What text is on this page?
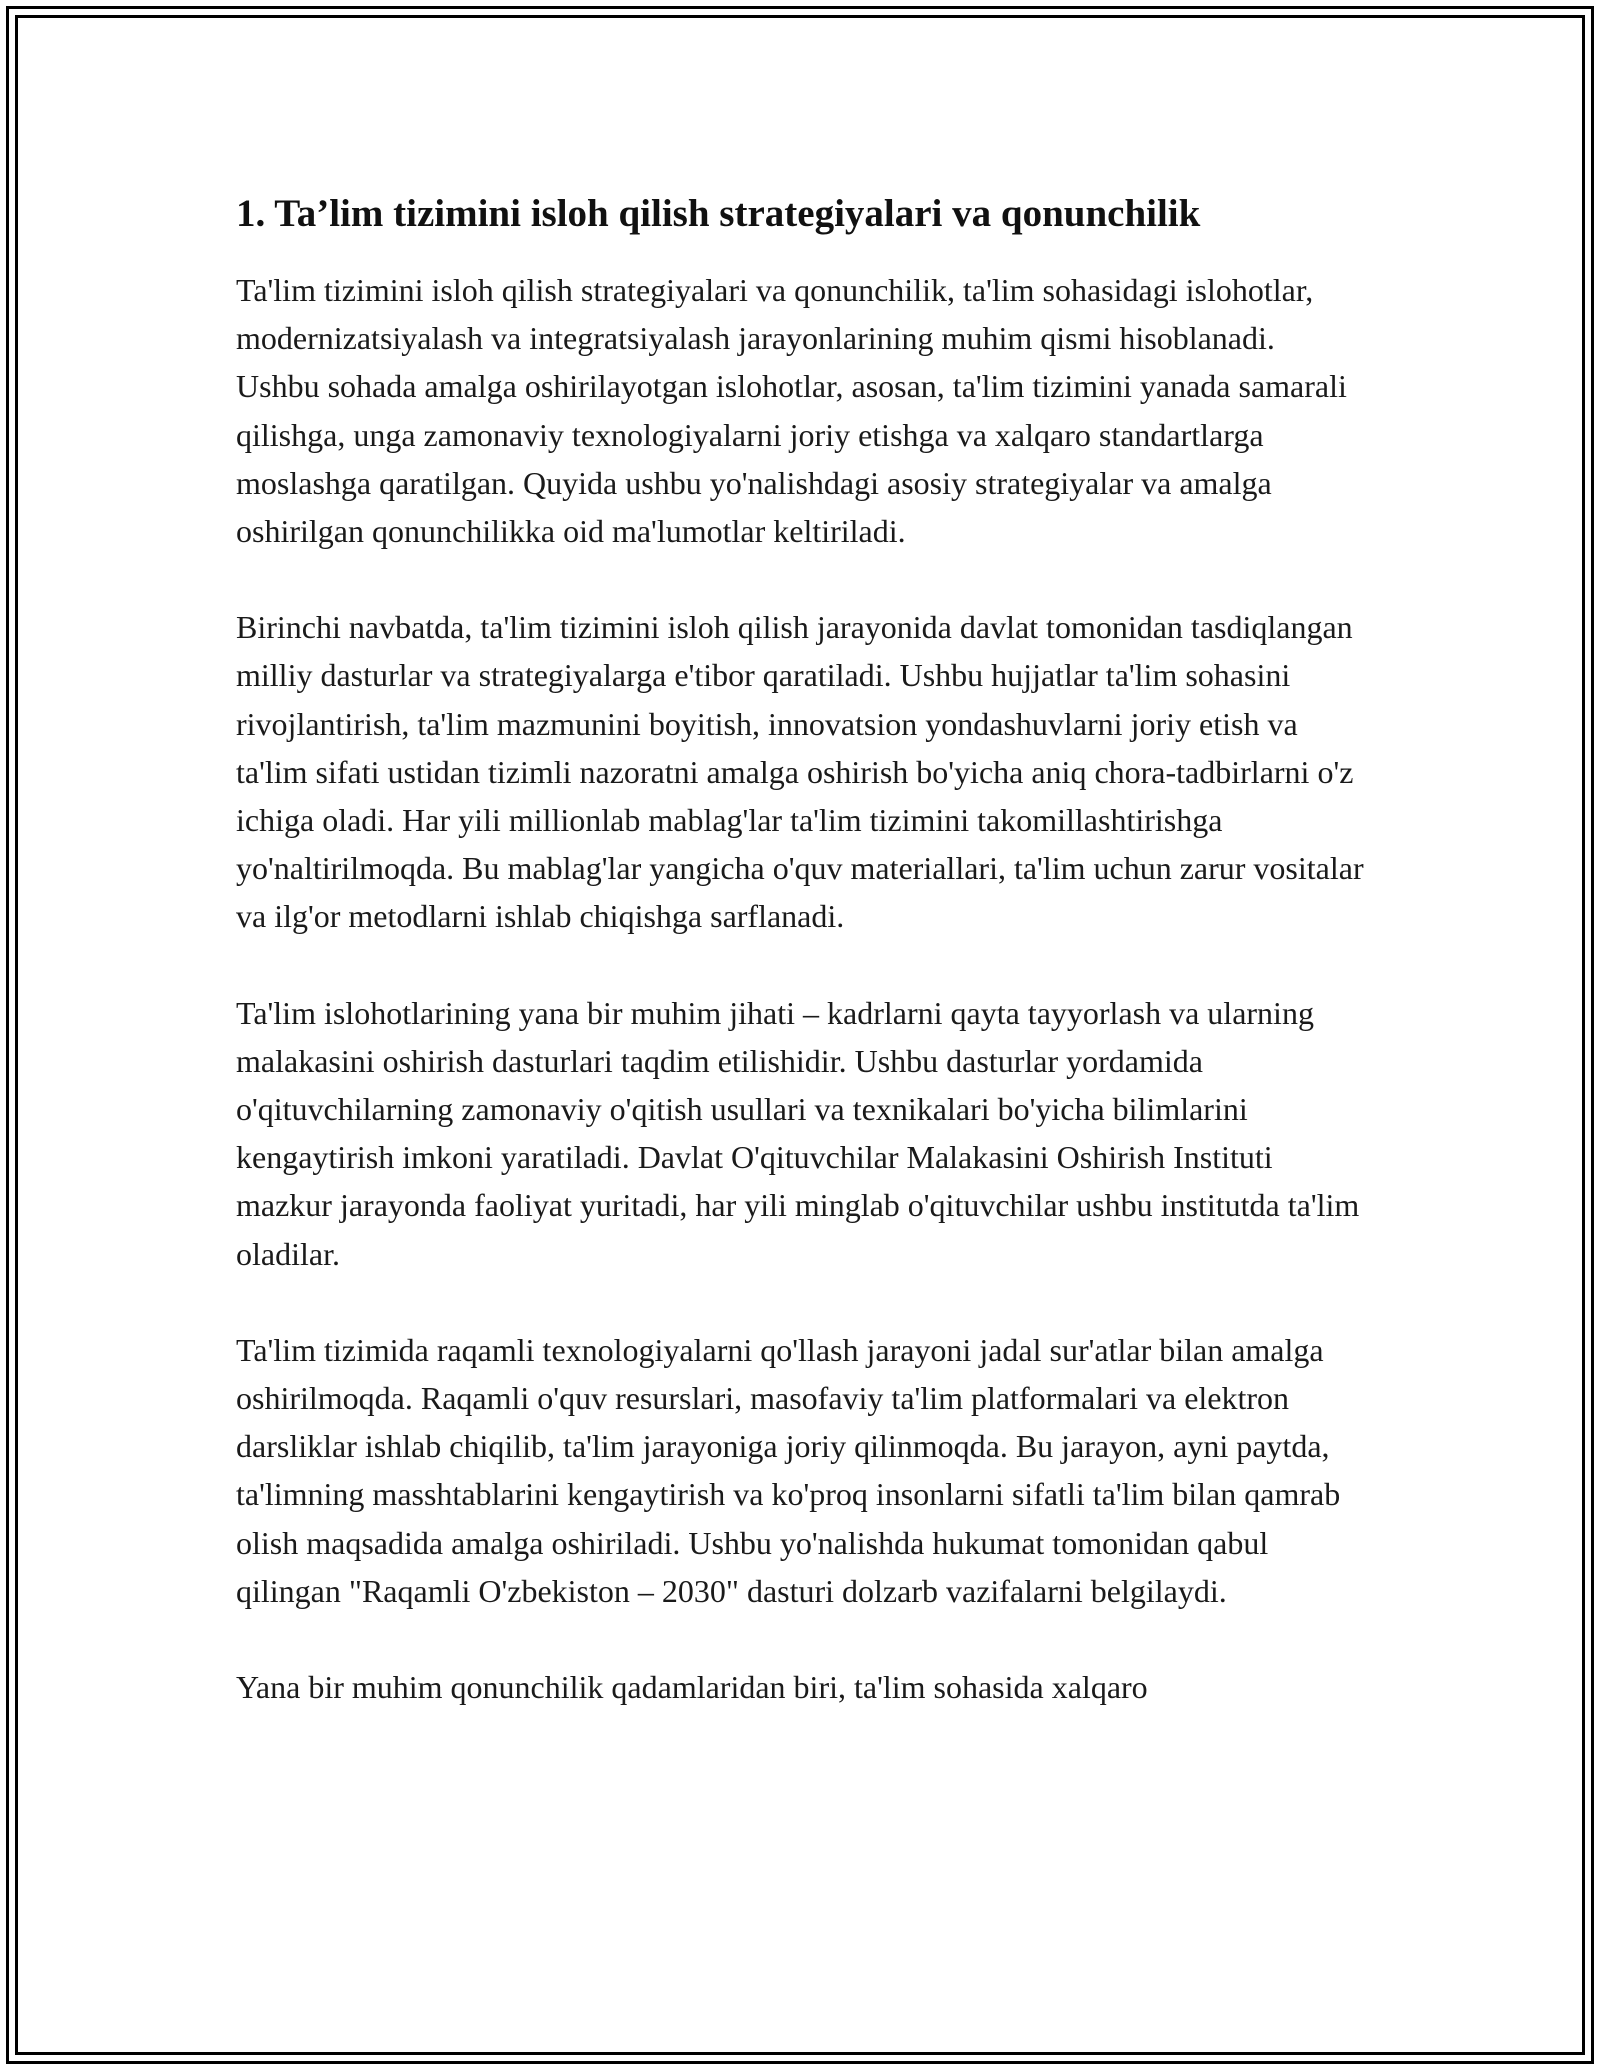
1. Ta’lim tizimini isloh qilish strategiyalari va qonunchilik

Ta'lim tizimini isloh qilish strategiyalari va qonunchilik, ta'lim sohasidagi islohotlar, modernizatsiyalash va integratsiyalash jarayonlarining muhim qismi hisoblanadi. Ushbu sohada amalga oshirilayotgan islohotlar, asosan, ta'lim tizimini yanada samarali qilishga, unga zamonaviy texnologiyalarni joriy etishga va xalqaro standartlarga moslashga qaratilgan. Quyida ushbu yo'nalishdagi asosiy strategiyalar va amalga oshirilgan qonunchilikka oid ma'lumotlar keltiriladi.

Birinchi navbatda, ta'lim tizimini isloh qilish jarayonida davlat tomonidan tasdiqlangan milliy dasturlar va strategiyalarga e'tibor qaratiladi. Ushbu hujjatlar ta'lim sohasini rivojlantirish, ta'lim mazmunini boyitish, innovatsion yondashuvlarni joriy etish va ta'lim sifati ustidan tizimli nazoratni amalga oshirish bo'yicha aniq chora-tadbirlarni o'z ichiga oladi. Har yili millionlab mablag'lar ta'lim tizimini takomillashtirishga yo'naltirilmoqda. Bu mablag'lar yangicha o'quv materiallari, ta'lim uchun zarur vositalar va ilg'or metodlarni ishlab chiqishga sarflanadi.

Ta'lim islohotlarining yana bir muhim jihati – kadrlarni qayta tayyorlash va ularning malakasini oshirish dasturlari taqdim etilishidir. Ushbu dasturlar yordamida o'qituvchilarning zamonaviy o'qitish usullari va texnikalari bo'yicha bilimlarini kengaytirish imkoni yaratiladi. Davlat O'qituvchilar Malakasini Oshirish Instituti mazkur jarayonda faoliyat yuritadi, har yili minglab o'qituvchilar ushbu institutda ta'lim oladilar.

Ta'lim tizimida raqamli texnologiyalarni qo'llash jarayoni jadal sur'atlar bilan amalga oshirilmoqda. Raqamli o'quv resurslari, masofaviy ta'lim platformalari va elektron darsliklar ishlab chiqilib, ta'lim jarayoniga joriy qilinmoqda. Bu jarayon, ayni paytda, ta'limning masshtablarini kengaytirish va ko'proq insonlarni sifatli ta'lim bilan qamrab olish maqsadida amalga oshiriladi. Ushbu yo'nalishda hukumat tomonidan qabul qilingan "Raqamli O'zbekiston – 2030" dasturi dolzarb vazifalarni belgilaydi.

Yana bir muhim qonunchilik qadamlaridan biri, ta'lim sohasida xalqaro
